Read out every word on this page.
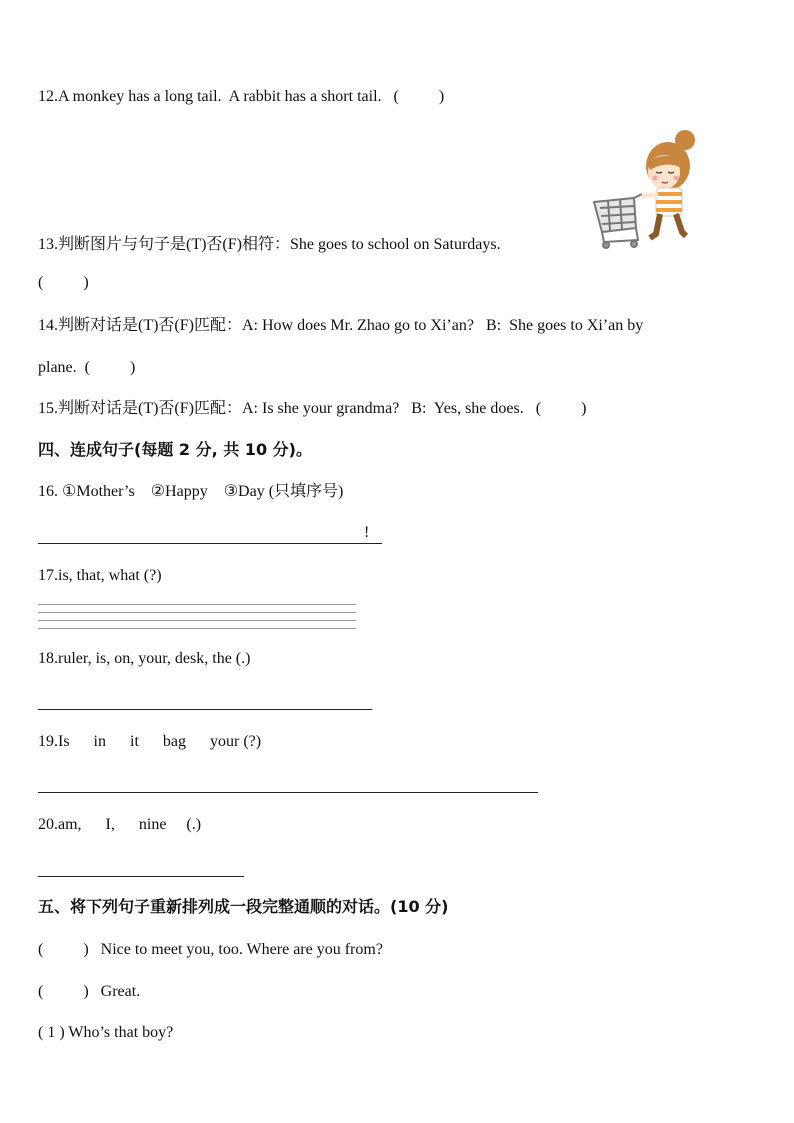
12.A monkey has a long tail.  A rabbit has a short tail.   (          )
13.判断图片与句子是(T)否(F)相符：She goes to school on Saturdays.
(          )
14.判断对话是(T)否(F)匹配：A: How does Mr. Zhao go to Xi’an?   B:  She goes to Xi’an by
plane.  (          )
15.判断对话是(T)否(F)匹配：A: Is she your grandma?   B:  Yes, she does.   (          )
四、连成句子(每题 2 分, 共 10 分)。
16. ①Mother’s    ②Happy    ③Day (只填序号)
!
17.is, that, what (?)
18.ruler, is, on, your, desk, the (.)
19.Is      in      it      bag      your (?)
20.am,      I,      nine     (.)
五、将下列句子重新排列成一段完整通顺的对话。(10 分)
(          )   Nice to meet you, too. Where are you from?
(          )   Great.
( 1 ) Who’s that boy?
